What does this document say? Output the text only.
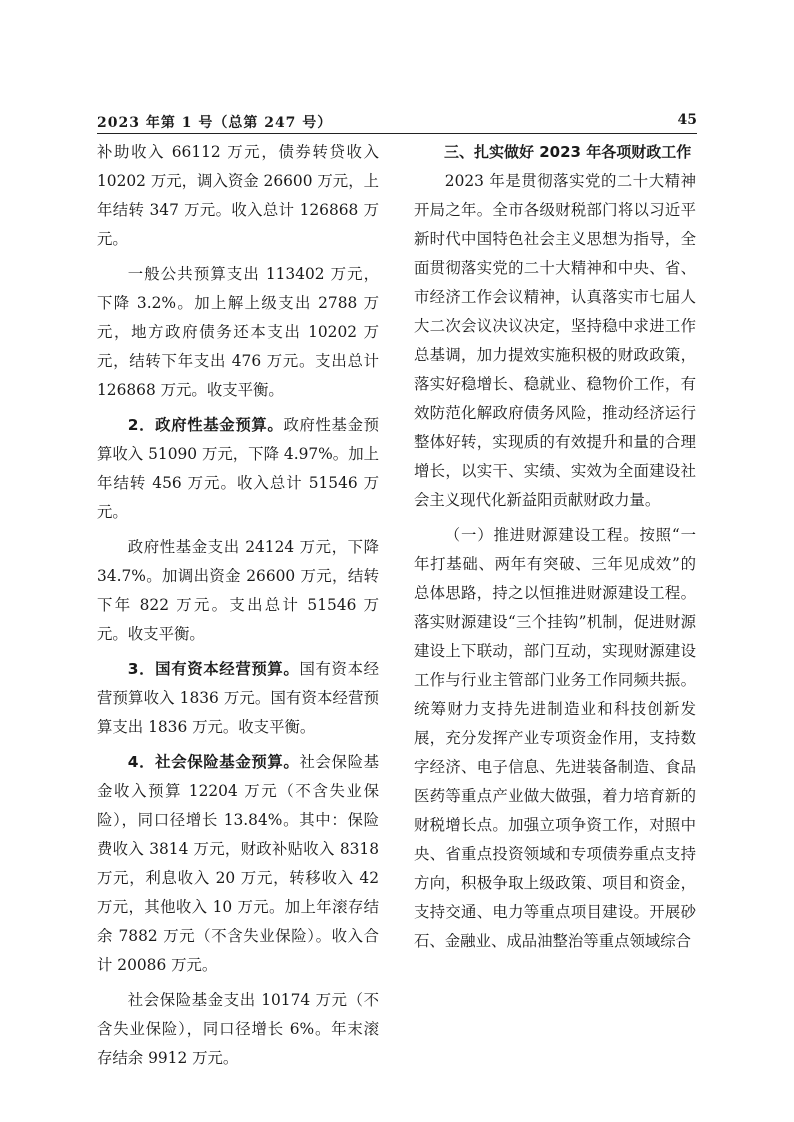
2023 年第 1 号（总第 247 号）	45

补助收入 66112 万元，债券转贷收入 10202 万元，调入资金 26600 万元，上年结转 347 万元。收入总计 126868 万元。

一般公共预算支出 113402 万元，下降 3.2%。加上解上级支出 2788 万元，地方政府债务还本支出 10202 万元，结转下年支出 476 万元。支出总计 126868 万元。收支平衡。

2．政府性基金预算。政府性基金预算收入 51090 万元，下降 4.97%。加上年结转 456 万元。收入总计 51546 万元。

政府性基金支出 24124 万元，下降 34.7%。加调出资金 26600 万元，结转下年 822 万元。支出总计 51546 万元。收支平衡。

3．国有资本经营预算。国有资本经营预算收入 1836 万元。国有资本经营预算支出 1836 万元。收支平衡。

4．社会保险基金预算。社会保险基金收入预算 12204 万元（不含失业保险），同口径增长 13.84%。其中：保险费收入 3814 万元，财政补贴收入 8318 万元，利息收入 20 万元，转移收入 42 万元，其他收入 10 万元。加上年滚存结余 7882 万元（不含失业保险）。收入合计 20086 万元。

社会保险基金支出 10174 万元（不含失业保险），同口径增长 6%。年末滚存结余 9912 万元。

三、扎实做好 2023 年各项财政工作

2023 年是贯彻落实党的二十大精神开局之年。全市各级财税部门将以习近平新时代中国特色社会主义思想为指导，全面贯彻落实党的二十大精神和中央、省、市经济工作会议精神，认真落实市七届人大二次会议决议决定，坚持稳中求进工作总基调，加力提效实施积极的财政政策，落实好稳增长、稳就业、稳物价工作，有效防范化解政府债务风险，推动经济运行整体好转，实现质的有效提升和量的合理增长，以实干、实绩、实效为全面建设社会主义现代化新益阳贡献财政力量。

（一）推进财源建设工程。按照“一年打基础、两年有突破、三年见成效”的总体思路，持之以恒推进财源建设工程。落实财源建设“三个挂钩”机制，促进财源建设上下联动，部门互动，实现财源建设工作与行业主管部门业务工作同频共振。统筹财力支持先进制造业和科技创新发展，充分发挥产业专项资金作用，支持数字经济、电子信息、先进装备制造、食品医药等重点产业做大做强，着力培育新的财税增长点。加强立项争资工作，对照中央、省重点投资领域和专项债券重点支持方向，积极争取上级政策、项目和资金，支持交通、电力等重点项目建设。开展砂石、金融业、成品油整治等重点领域综合
